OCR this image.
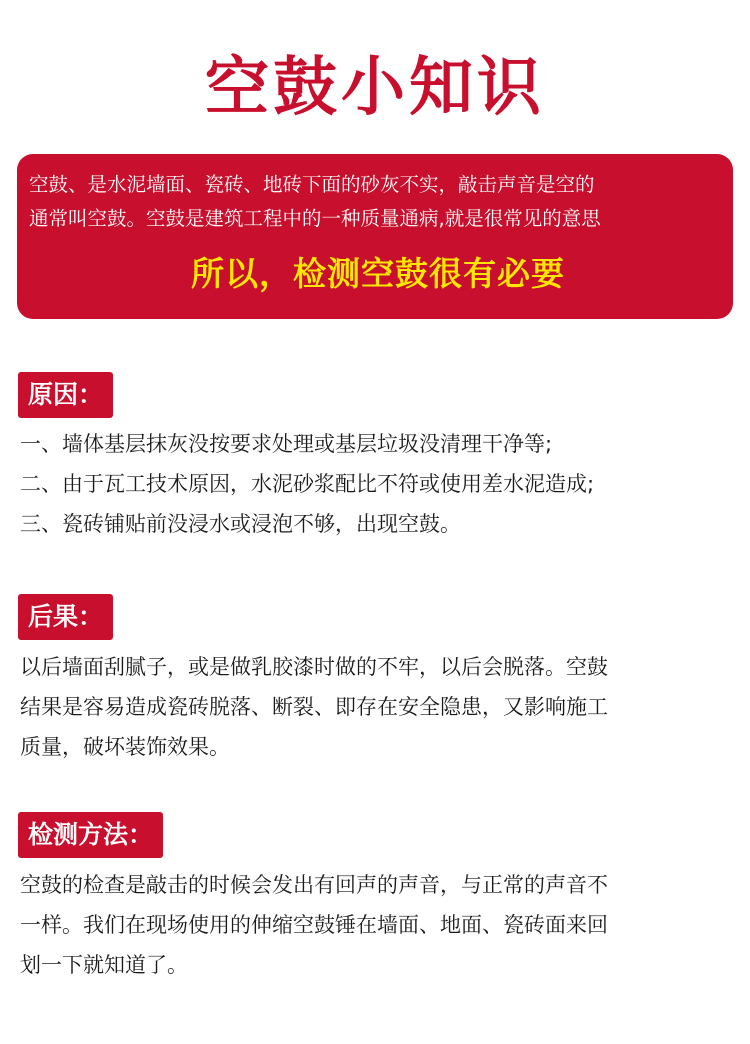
空鼓小知识
空鼓、是水泥墙面、瓷砖、地砖下面的砂灰不实，敲击声音是空的
通常叫空鼓。空鼓是建筑工程中的一种质量通病,就是很常见的意思
所以，检测空鼓很有必要
原因：
一、墙体基层抹灰没按要求处理或基层垃圾没清理干净等;
二、由于瓦工技术原因，水泥砂浆配比不符或使用差水泥造成;
三、瓷砖铺贴前没浸水或浸泡不够，出现空鼓。
后果：
以后墙面刮腻子，或是做乳胶漆时做的不牢，以后会脱落。空鼓
结果是容易造成瓷砖脱落、断裂、即存在安全隐患，又影响施工
质量，破坏装饰效果。
检测方法：
空鼓的检查是敲击的时候会发出有回声的声音，与正常的声音不
一样。我们在现场使用的伸缩空鼓锤在墙面、地面、瓷砖面来回
划一下就知道了。
